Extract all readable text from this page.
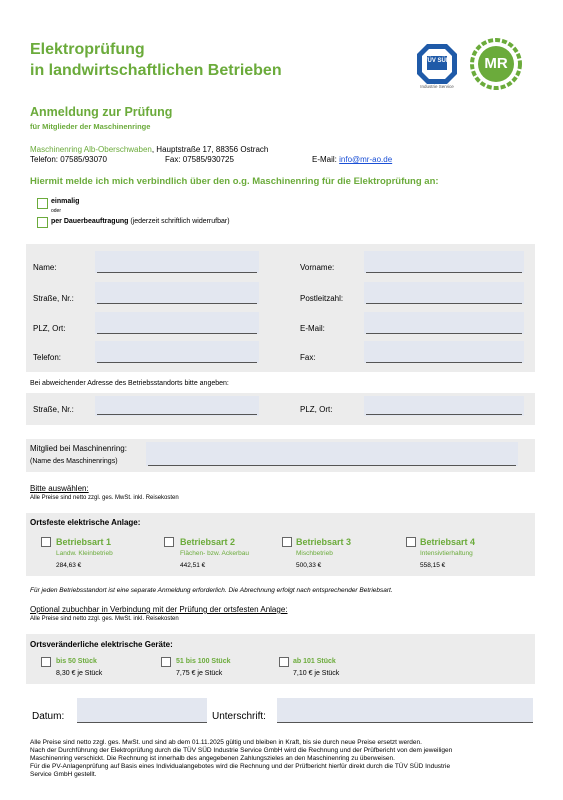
Elektroprüfung
in landwirtschaftlichen Betrieben
TÜV SÜD
Industrie Service
MR
Anmeldung zur Prüfung
für Mitglieder der Maschinenringe
Maschinenring Alb-Oberschwaben, Hauptstraße 17, 88356 Ostrach
Telefon: 07585/93070	Fax: 07585/930725	E-Mail: info@mr-ao.de
Hiermit melde ich mich verbindlich über den o.g. Maschinenring für die Elektroprüfung an:
einmalig
oder
per Dauerbeauftragung (jederzeit schriftlich widerrufbar)
Name:	Vorname:
Straße, Nr.:	Postleitzahl:
PLZ, Ort:	E-Mail:
Telefon:	Fax:
Bei abweichender Adresse des Betriebsstandorts bitte angeben:
Straße, Nr.:	PLZ, Ort:
Mitglied bei Maschinenring:
(Name des Maschinenrings)
Bitte auswählen:
Alle Preise sind netto zzgl. ges. MwSt. inkl. Reisekosten
Ortsfeste elektrische Anlage:
Betriebsart 1
Landw. Kleinbetrieb
284,63 €
Betriebsart 2
Flächen- bzw. Ackerbau
442,51 €
Betriebsart 3
Mischbetrieb
500,33 €
Betriebsart 4
Intensivtierhaltung
558,15 €
Für jeden Betriebsstandort ist eine separate Anmeldung erforderlich. Die Abrechnung erfolgt nach entsprechender Betriebsart.
Optional zubuchbar in Verbindung mit der Prüfung der ortsfesten Anlage:
Alle Preise sind netto zzgl. ges. MwSt. inkl. Reisekosten
Ortsveränderliche elektrische Geräte:
bis 50 Stück
8,30 € je Stück
51 bis 100 Stück
7,75 € je Stück
ab 101 Stück
7,10 € je Stück
Datum:	Unterschrift:
Alle Preise sind netto zzgl. ges. MwSt. und sind ab dem 01.11.2025 gültig und bleiben in Kraft, bis sie durch neue Preise ersetzt werden.
Nach der Durchführung der Elektroprüfung durch die TÜV SÜD Industrie Service GmbH wird die Rechnung und der Prüfbericht von dem jeweiligen
Maschinenring verschickt. Die Rechnung ist innerhalb des angegebenen Zahlungszieles an den Maschinenring zu überweisen.
Für die PV-Anlagenprüfung auf Basis eines Individualangebotes wird die Rechnung und der Prüfbericht hierfür direkt durch die TÜV SÜD Industrie
Service GmbH gestellt.
